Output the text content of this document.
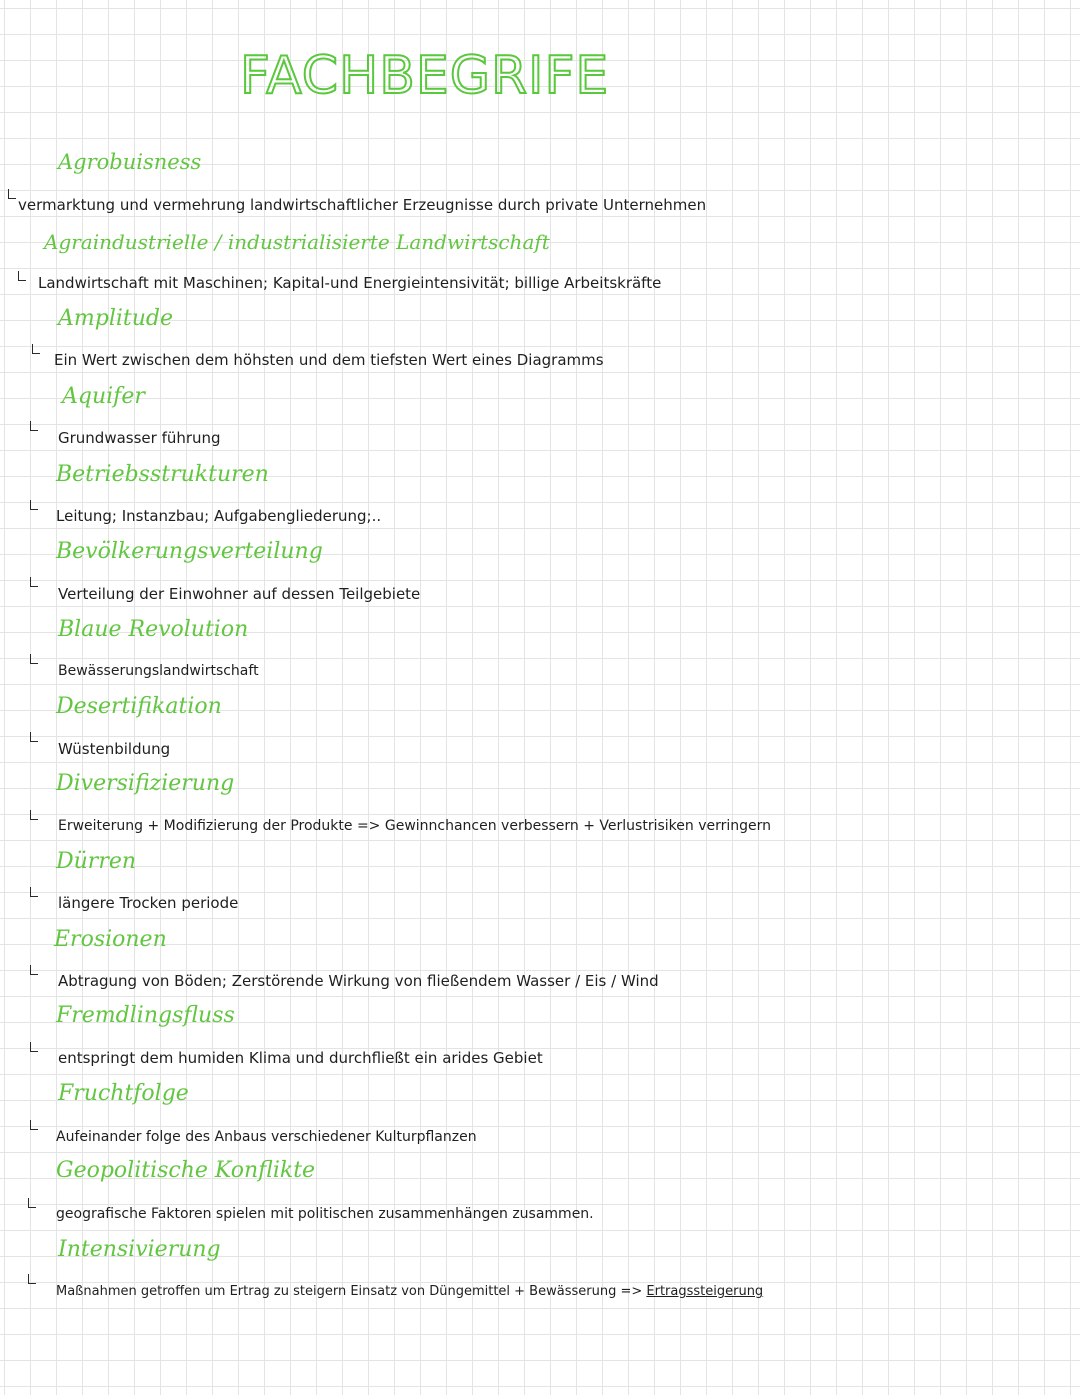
FACHBEGRIFE
Agrobuisness
vermarktung und vermehrung landwirtschaftlicher Erzeugnisse durch private Unternehmen
Agraindustrielle / industrialisierte Landwirtschaft
Landwirtschaft mit Maschinen; Kapital-und Energieintensivität; billige Arbeitskräfte
Amplitude
Ein Wert zwischen dem höhsten und dem tiefsten Wert eines Diagramms
Aquifer
Grundwasser führung
Betriebsstrukturen
Leitung; Instanzbau; Aufgabengliederung;..
Bevölkerungsverteilung
Verteilung der Einwohner auf dessen Teilgebiete
Blaue Revolution
Bewässerungslandwirtschaft
Desertifikation
Wüstenbildung
Diversifizierung
Erweiterung + Modifizierung der Produkte => Gewinnchancen verbessern + Verlustrisiken verringern
Dürren
längere Trocken periode
Erosionen
Abtragung von Böden; Zerstörende Wirkung von fließendem Wasser / Eis / Wind
Fremdlingsfluss
entspringt dem humiden Klima und durchfließt ein arides Gebiet
Fruchtfolge
Aufeinander folge des Anbaus verschiedener Kulturpflanzen
Geopolitische Konflikte
geografische Faktoren spielen mit politischen zusammenhängen zusammen.
Intensivierung
Maßnahmen getroffen um Ertrag zu steigern Einsatz von Düngemittel + Bewässerung => Ertragssteigerung
